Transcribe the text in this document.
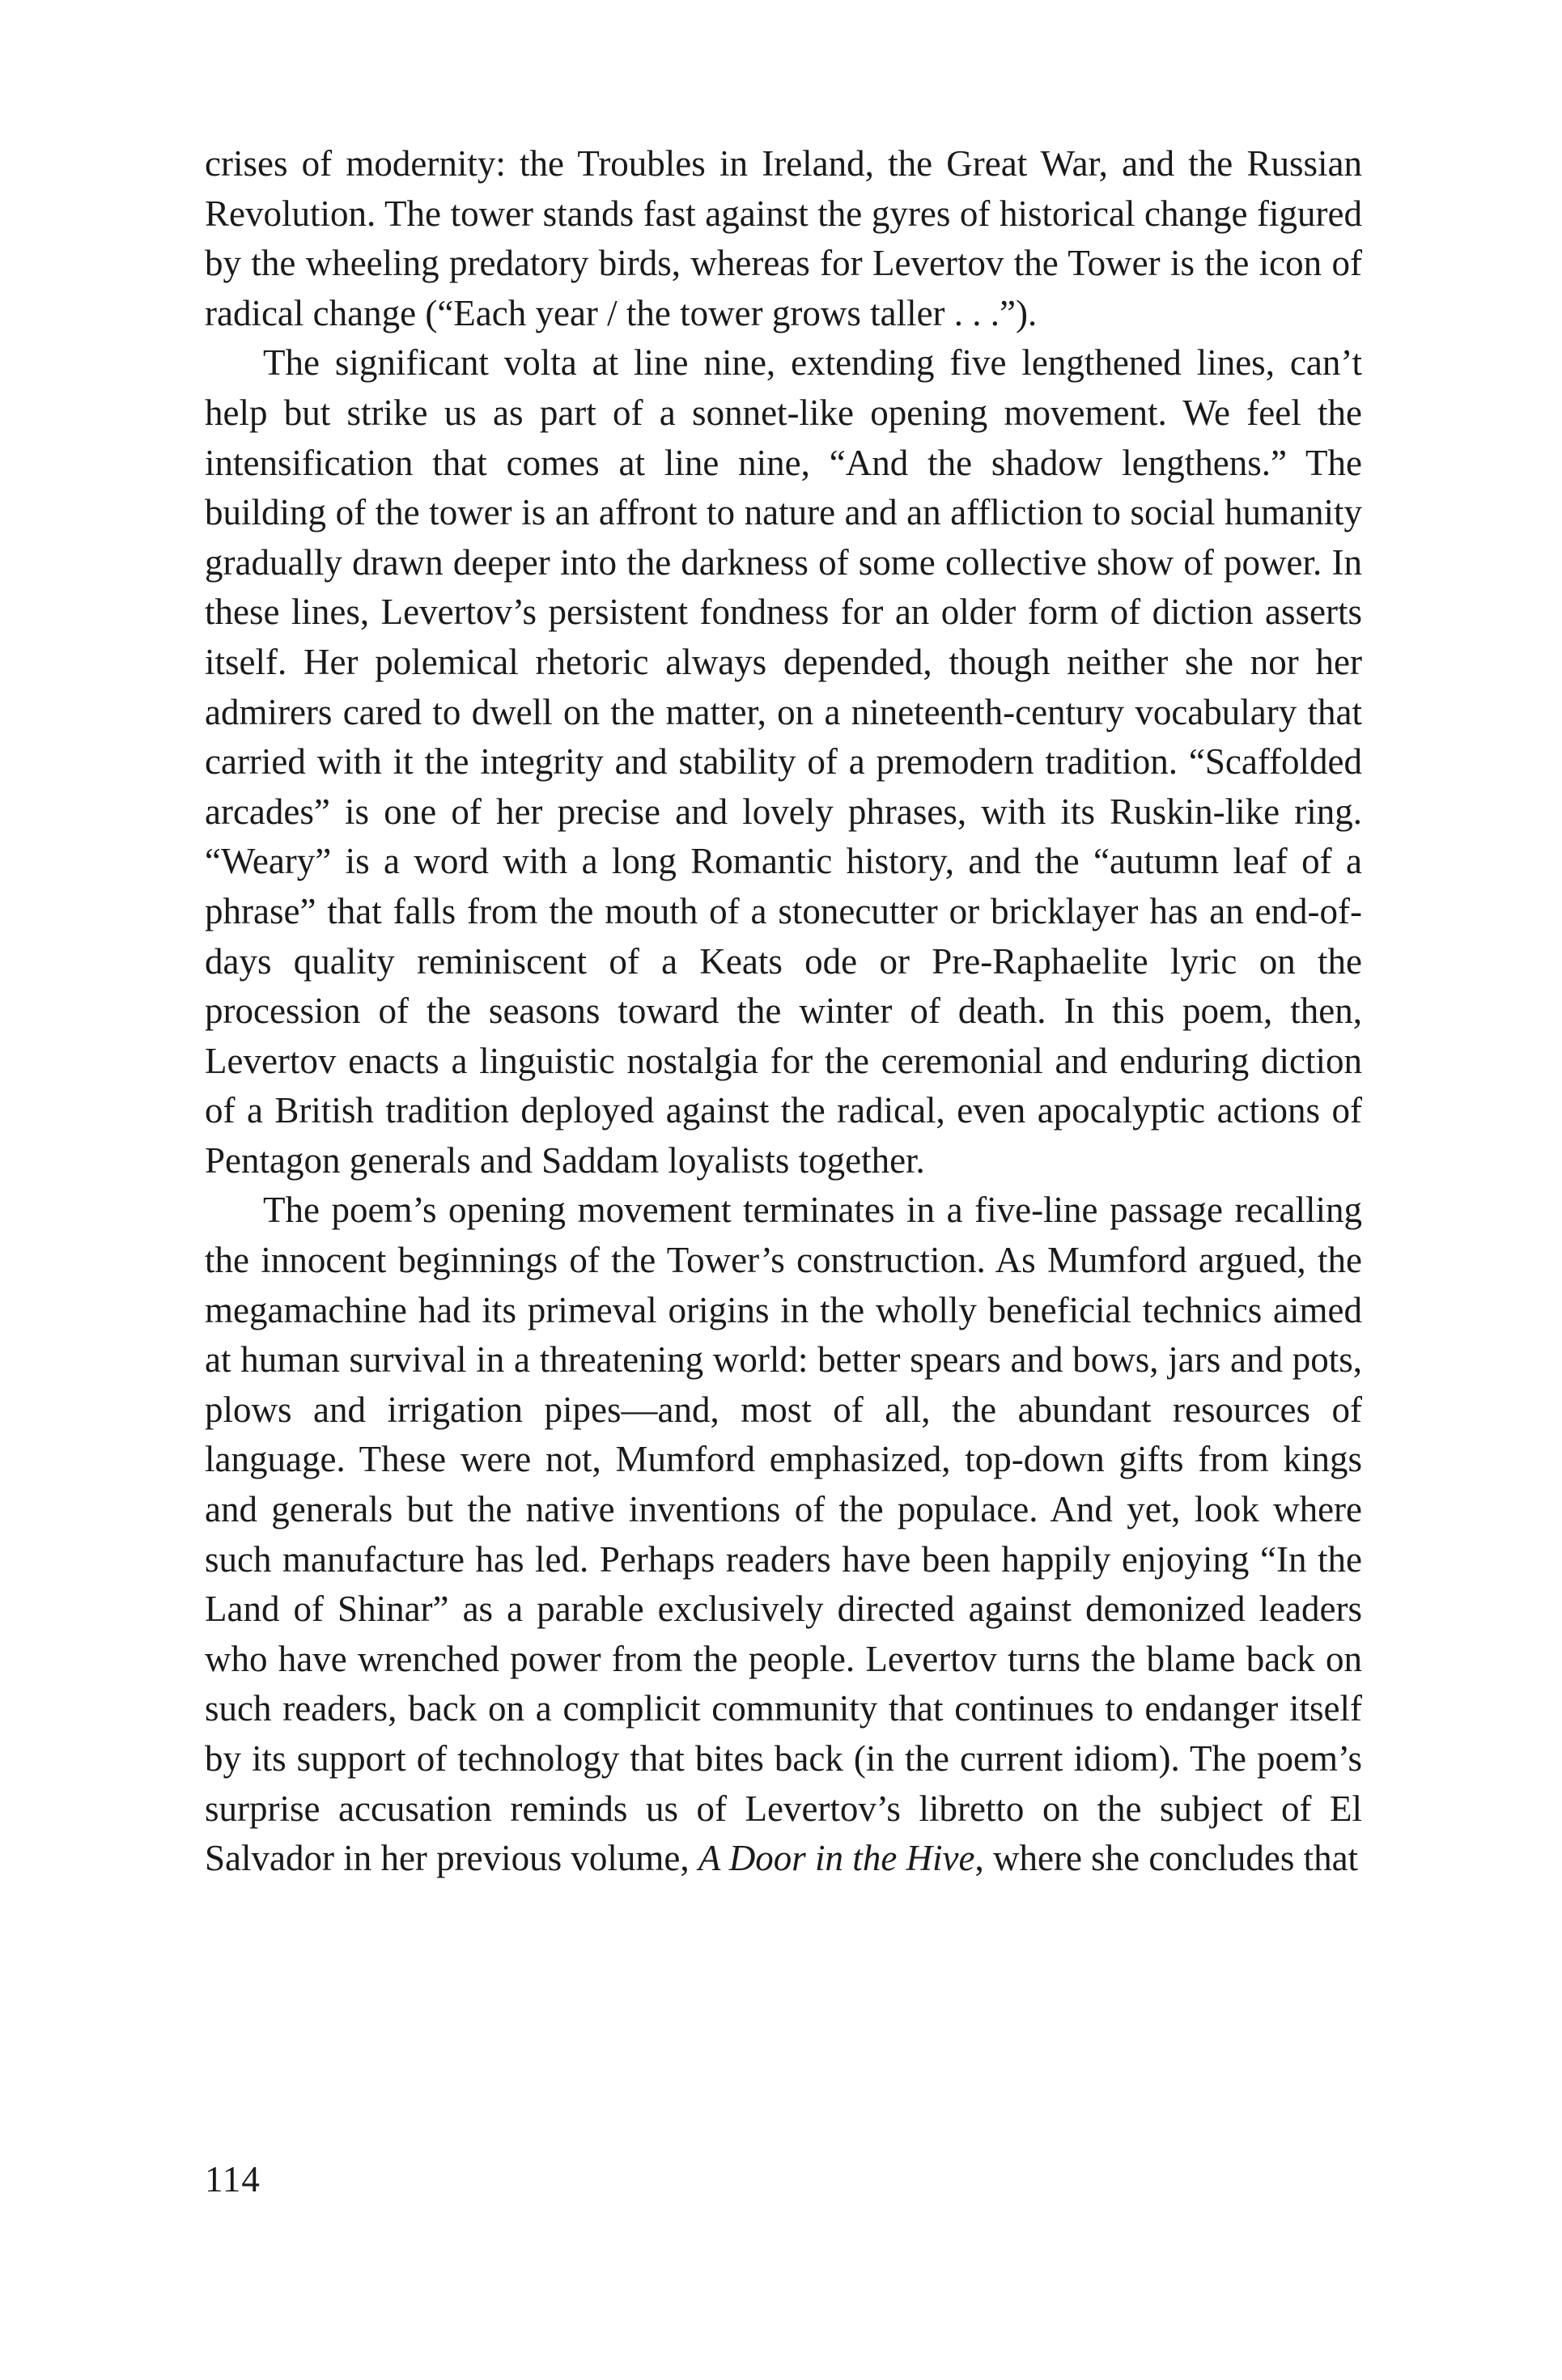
crises of modernity: the Troubles in Ireland, the Great War, and the Russian Revolution. The tower stands fast against the gyres of historical change figured by the wheeling predatory birds, whereas for Levertov the Tower is the icon of radical change (“Each year / the tower grows taller . . .”).

The significant volta at line nine, extending five lengthened lines, can’t help but strike us as part of a sonnet-like opening movement. We feel the intensification that comes at line nine, “And the shadow lengthens.” The building of the tower is an affront to nature and an affliction to social humanity gradually drawn deeper into the darkness of some collective show of power. In these lines, Levertov’s persistent fondness for an older form of diction asserts itself. Her polemical rhetoric always depended, though neither she nor her admirers cared to dwell on the matter, on a nineteenth-century vocabulary that carried with it the integrity and stability of a premodern tradition. “Scaffolded arcades” is one of her precise and lovely phrases, with its Ruskin-like ring. “Weary” is a word with a long Romantic history, and the “autumn leaf of a phrase” that falls from the mouth of a stonecutter or bricklayer has an end-of-days quality reminiscent of a Keats ode or Pre-Raphaelite lyric on the procession of the seasons toward the winter of death. In this poem, then, Levertov enacts a linguistic nostalgia for the ceremonial and enduring diction of a British tradition deployed against the radical, even apocalyptic actions of Pentagon generals and Saddam loyalists together.

The poem’s opening movement terminates in a five-line passage recalling the innocent beginnings of the Tower’s construction. As Mumford argued, the megamachine had its primeval origins in the wholly beneficial technics aimed at human survival in a threatening world: better spears and bows, jars and pots, plows and irrigation pipes—and, most of all, the abundant resources of language. These were not, Mumford emphasized, top-down gifts from kings and generals but the native inventions of the populace. And yet, look where such manufacture has led. Perhaps readers have been happily enjoying “In the Land of Shinar” as a parable exclusively directed against demonized leaders who have wrenched power from the people. Levertov turns the blame back on such readers, back on a complicit community that continues to endanger itself by its support of technology that bites back (in the current idiom). The poem’s surprise accusation reminds us of Levertov’s libretto on the subject of El Salvador in her previous volume, A Door in the Hive, where she concludes that

114
